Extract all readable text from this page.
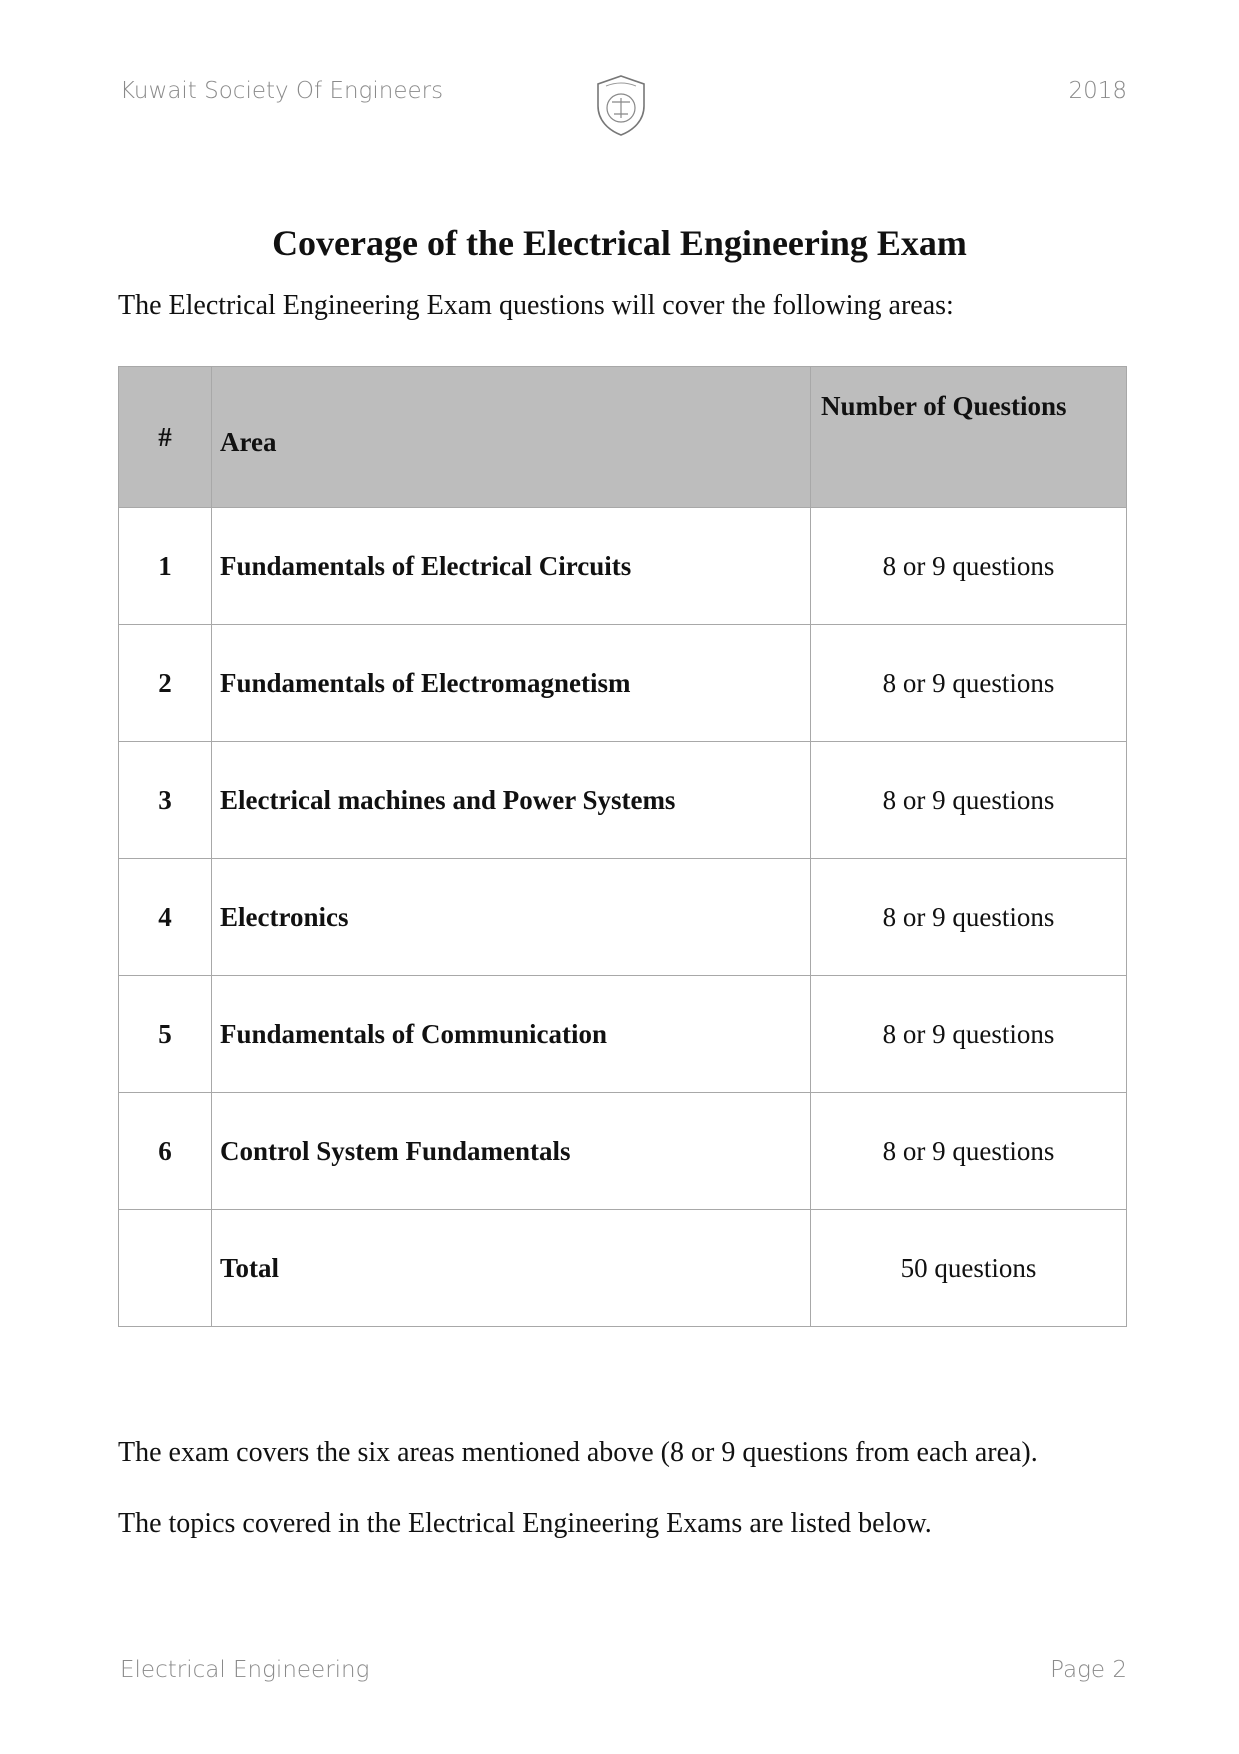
Kuwait Society Of Engineers	2018
Coverage of the Electrical Engineering Exam
The Electrical Engineering Exam questions will cover the following areas:
#	Area	Number of Questions
1	Fundamentals of Electrical Circuits	8 or 9 questions
2	Fundamentals of Electromagnetism	8 or 9 questions
3	Electrical machines and Power Systems	8 or 9 questions
4	Electronics	8 or 9 questions
5	Fundamentals of Communication	8 or 9 questions
6	Control System Fundamentals	8 or 9 questions
	Total	50 questions
The exam covers the six areas mentioned above (8 or 9 questions from each area).
The topics covered in the Electrical Engineering Exams are listed below.
Electrical Engineering	Page 2
